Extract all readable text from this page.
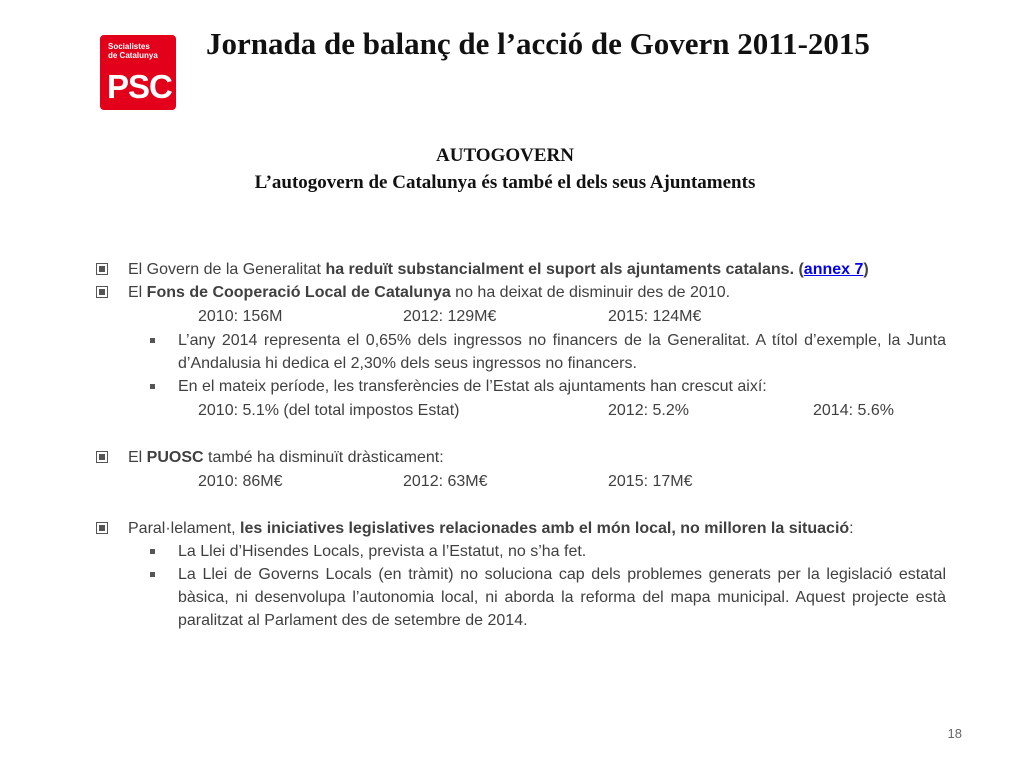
Socialistes
de Catalunya
PSC
Jornada de balanç de l’acció de Govern 2011-2015
AUTOGOVERN
L’autogovern de Catalunya és també el dels seus Ajuntaments
El Govern de la Generalitat ha reduït substancialment el suport als ajuntaments catalans. (annex 7)
El Fons de Cooperació Local de Catalunya no ha deixat de disminuir des de 2010.
2010: 156M	2012: 129M€	2015: 124M€
L’any 2014 representa el 0,65% dels ingressos no financers de la Generalitat. A títol d’exemple, la Junta d’Andalusia hi dedica el 2,30% dels seus ingressos no financers.
En el mateix període, les transferències de l’Estat als ajuntaments han crescut així:
2010: 5.1% (del total impostos Estat)	2012: 5.2%	2014: 5.6%
El PUOSC també ha disminuït dràsticament:
2010: 86M€	2012: 63M€	2015: 17M€
Paral·lelament, les iniciatives legislatives relacionades amb el món local, no milloren la situació:
La Llei d’Hisendes Locals, prevista a l’Estatut, no s’ha fet.
La Llei de Governs Locals (en tràmit) no soluciona cap dels problemes generats per la legislació estatal bàsica, ni desenvolupa l’autonomia local, ni aborda la reforma del mapa municipal. Aquest projecte està paralitzat al Parlament des de setembre de 2014.
18
